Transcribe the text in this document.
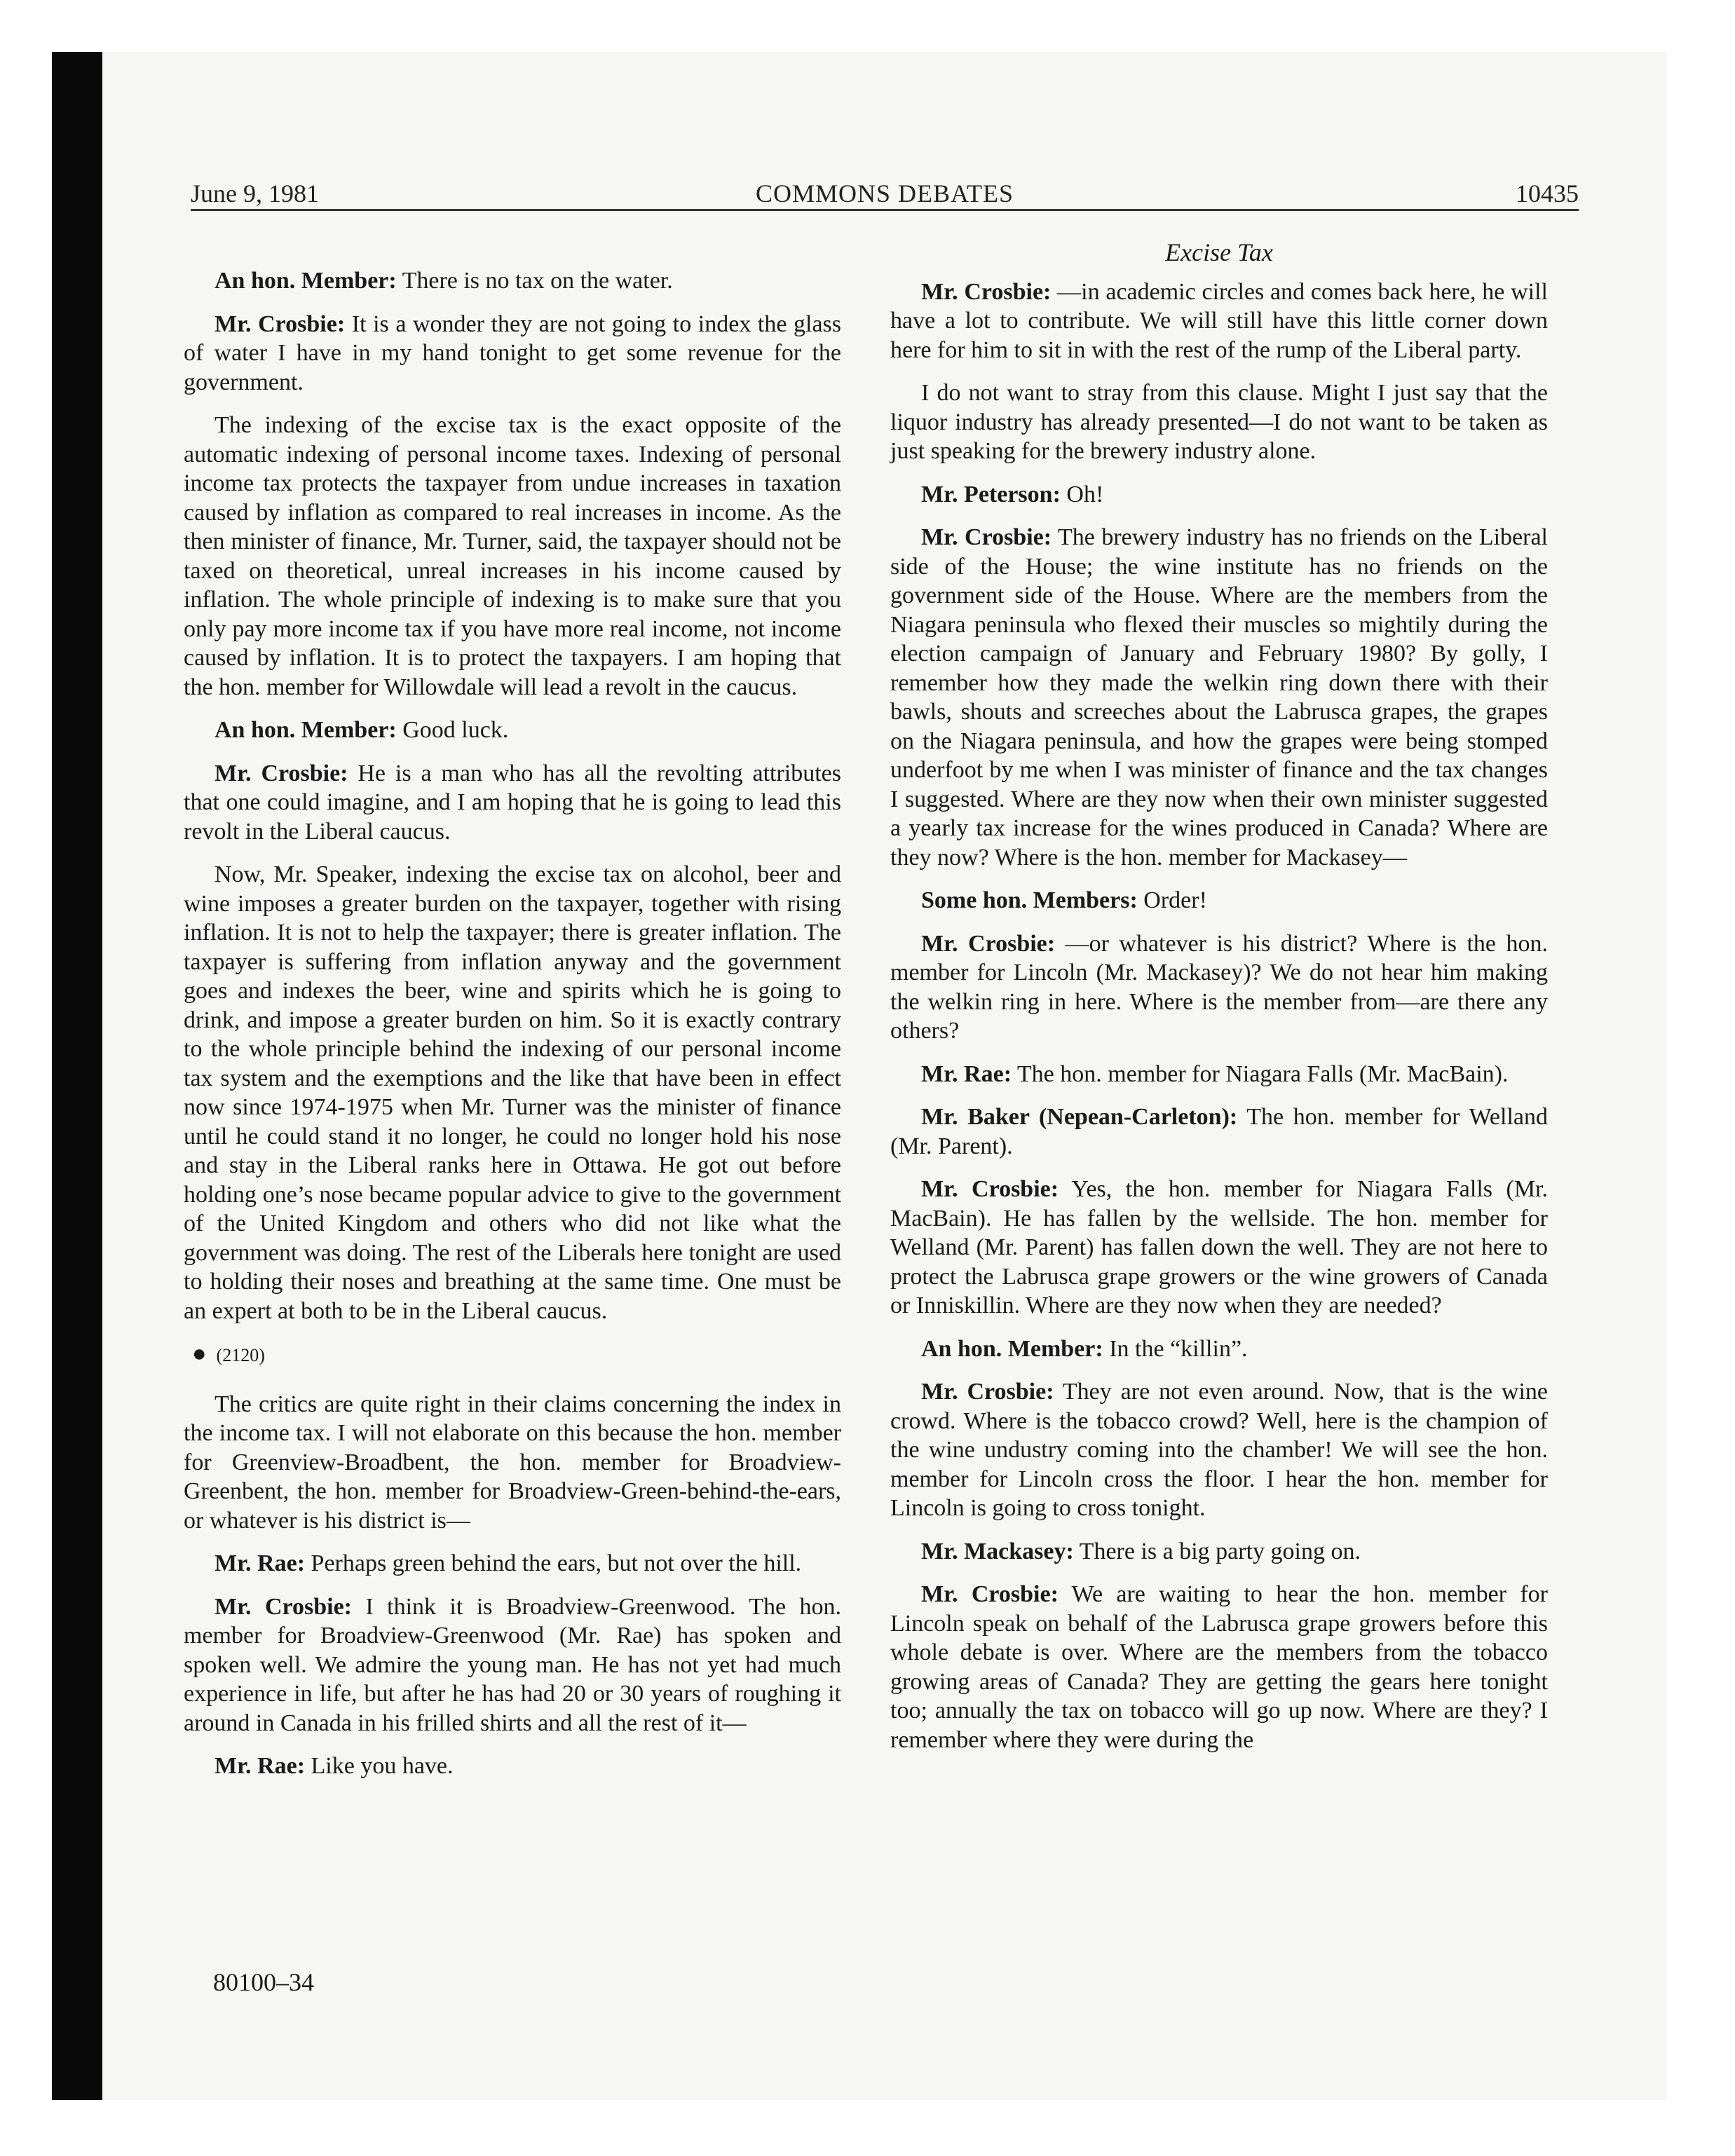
June 9, 1981	COMMONS DEBATES	10435

An hon. Member: There is no tax on the water.

Mr. Crosbie: It is a wonder they are not going to index the glass of water I have in my hand tonight to get some revenue for the government.

The indexing of the excise tax is the exact opposite of the automatic indexing of personal income taxes. Indexing of personal income tax protects the taxpayer from undue increases in taxation caused by inflation as compared to real increases in income. As the then minister of finance, Mr. Turner, said, the taxpayer should not be taxed on theoretical, unreal increases in his income caused by inflation. The whole principle of indexing is to make sure that you only pay more income tax if you have more real income, not income caused by inflation. It is to protect the taxpayers. I am hoping that the hon. member for Willowdale will lead a revolt in the caucus.

An hon. Member: Good luck.

Mr. Crosbie: He is a man who has all the revolting attributes that one could imagine, and I am hoping that he is going to lead this revolt in the Liberal caucus.

Now, Mr. Speaker, indexing the excise tax on alcohol, beer and wine imposes a greater burden on the taxpayer, together with rising inflation. It is not to help the taxpayer; there is greater inflation. The taxpayer is suffering from inflation anyway and the government goes and indexes the beer, wine and spirits which he is going to drink, and impose a greater burden on him. So it is exactly contrary to the whole principle behind the indexing of our personal income tax system and the exemptions and the like that have been in effect now since 1974-1975 when Mr. Turner was the minister of finance until he could stand it no longer, he could no longer hold his nose and stay in the Liberal ranks here in Ottawa. He got out before holding one’s nose became popular advice to give to the government of the United Kingdom and others who did not like what the government was doing. The rest of the Liberals here tonight are used to holding their noses and breathing at the same time. One must be an expert at both to be in the Liberal caucus.

● (2120)

The critics are quite right in their claims concerning the index in the income tax. I will not elaborate on this because the hon. member for Greenview-Broadbent, the hon. member for Broadview-Greenbent, the hon. member for Broadview-Green-behind-the-ears, or whatever is his district is—

Mr. Rae: Perhaps green behind the ears, but not over the hill.

Mr. Crosbie: I think it is Broadview-Greenwood. The hon. member for Broadview-Greenwood (Mr. Rae) has spoken and spoken well. We admire the young man. He has not yet had much experience in life, but after he has had 20 or 30 years of roughing it around in Canada in his frilled shirts and all the rest of it—

Mr. Rae: Like you have.

Excise Tax

Mr. Crosbie: —in academic circles and comes back here, he will have a lot to contribute. We will still have this little corner down here for him to sit in with the rest of the rump of the Liberal party.

I do not want to stray from this clause. Might I just say that the liquor industry has already presented—I do not want to be taken as just speaking for the brewery industry alone.

Mr. Peterson: Oh!

Mr. Crosbie: The brewery industry has no friends on the Liberal side of the House; the wine institute has no friends on the government side of the House. Where are the members from the Niagara peninsula who flexed their muscles so mightily during the election campaign of January and February 1980? By golly, I remember how they made the welkin ring down there with their bawls, shouts and screeches about the Labrusca grapes, the grapes on the Niagara peninsula, and how the grapes were being stomped underfoot by me when I was minister of finance and the tax changes I suggested. Where are they now when their own minister suggested a yearly tax increase for the wines produced in Canada? Where are they now? Where is the hon. member for Mackasey—

Some hon. Members: Order!

Mr. Crosbie: —or whatever is his district? Where is the hon. member for Lincoln (Mr. Mackasey)? We do not hear him making the welkin ring in here. Where is the member from—are there any others?

Mr. Rae: The hon. member for Niagara Falls (Mr. MacBain).

Mr. Baker (Nepean-Carleton): The hon. member for Welland (Mr. Parent).

Mr. Crosbie: Yes, the hon. member for Niagara Falls (Mr. MacBain). He has fallen by the wellside. The hon. member for Welland (Mr. Parent) has fallen down the well. They are not here to protect the Labrusca grape growers or the wine growers of Canada or Inniskillin. Where are they now when they are needed?

An hon. Member: In the “killin”.

Mr. Crosbie: They are not even around. Now, that is the wine crowd. Where is the tobacco crowd? Well, here is the champion of the wine undustry coming into the chamber! We will see the hon. member for Lincoln cross the floor. I hear the hon. member for Lincoln is going to cross tonight.

Mr. Mackasey: There is a big party going on.

Mr. Crosbie: We are waiting to hear the hon. member for Lincoln speak on behalf of the Labrusca grape growers before this whole debate is over. Where are the members from the tobacco growing areas of Canada? They are getting the gears here tonight too; annually the tax on tobacco will go up now. Where are they? I remember where they were during the

80100–34
